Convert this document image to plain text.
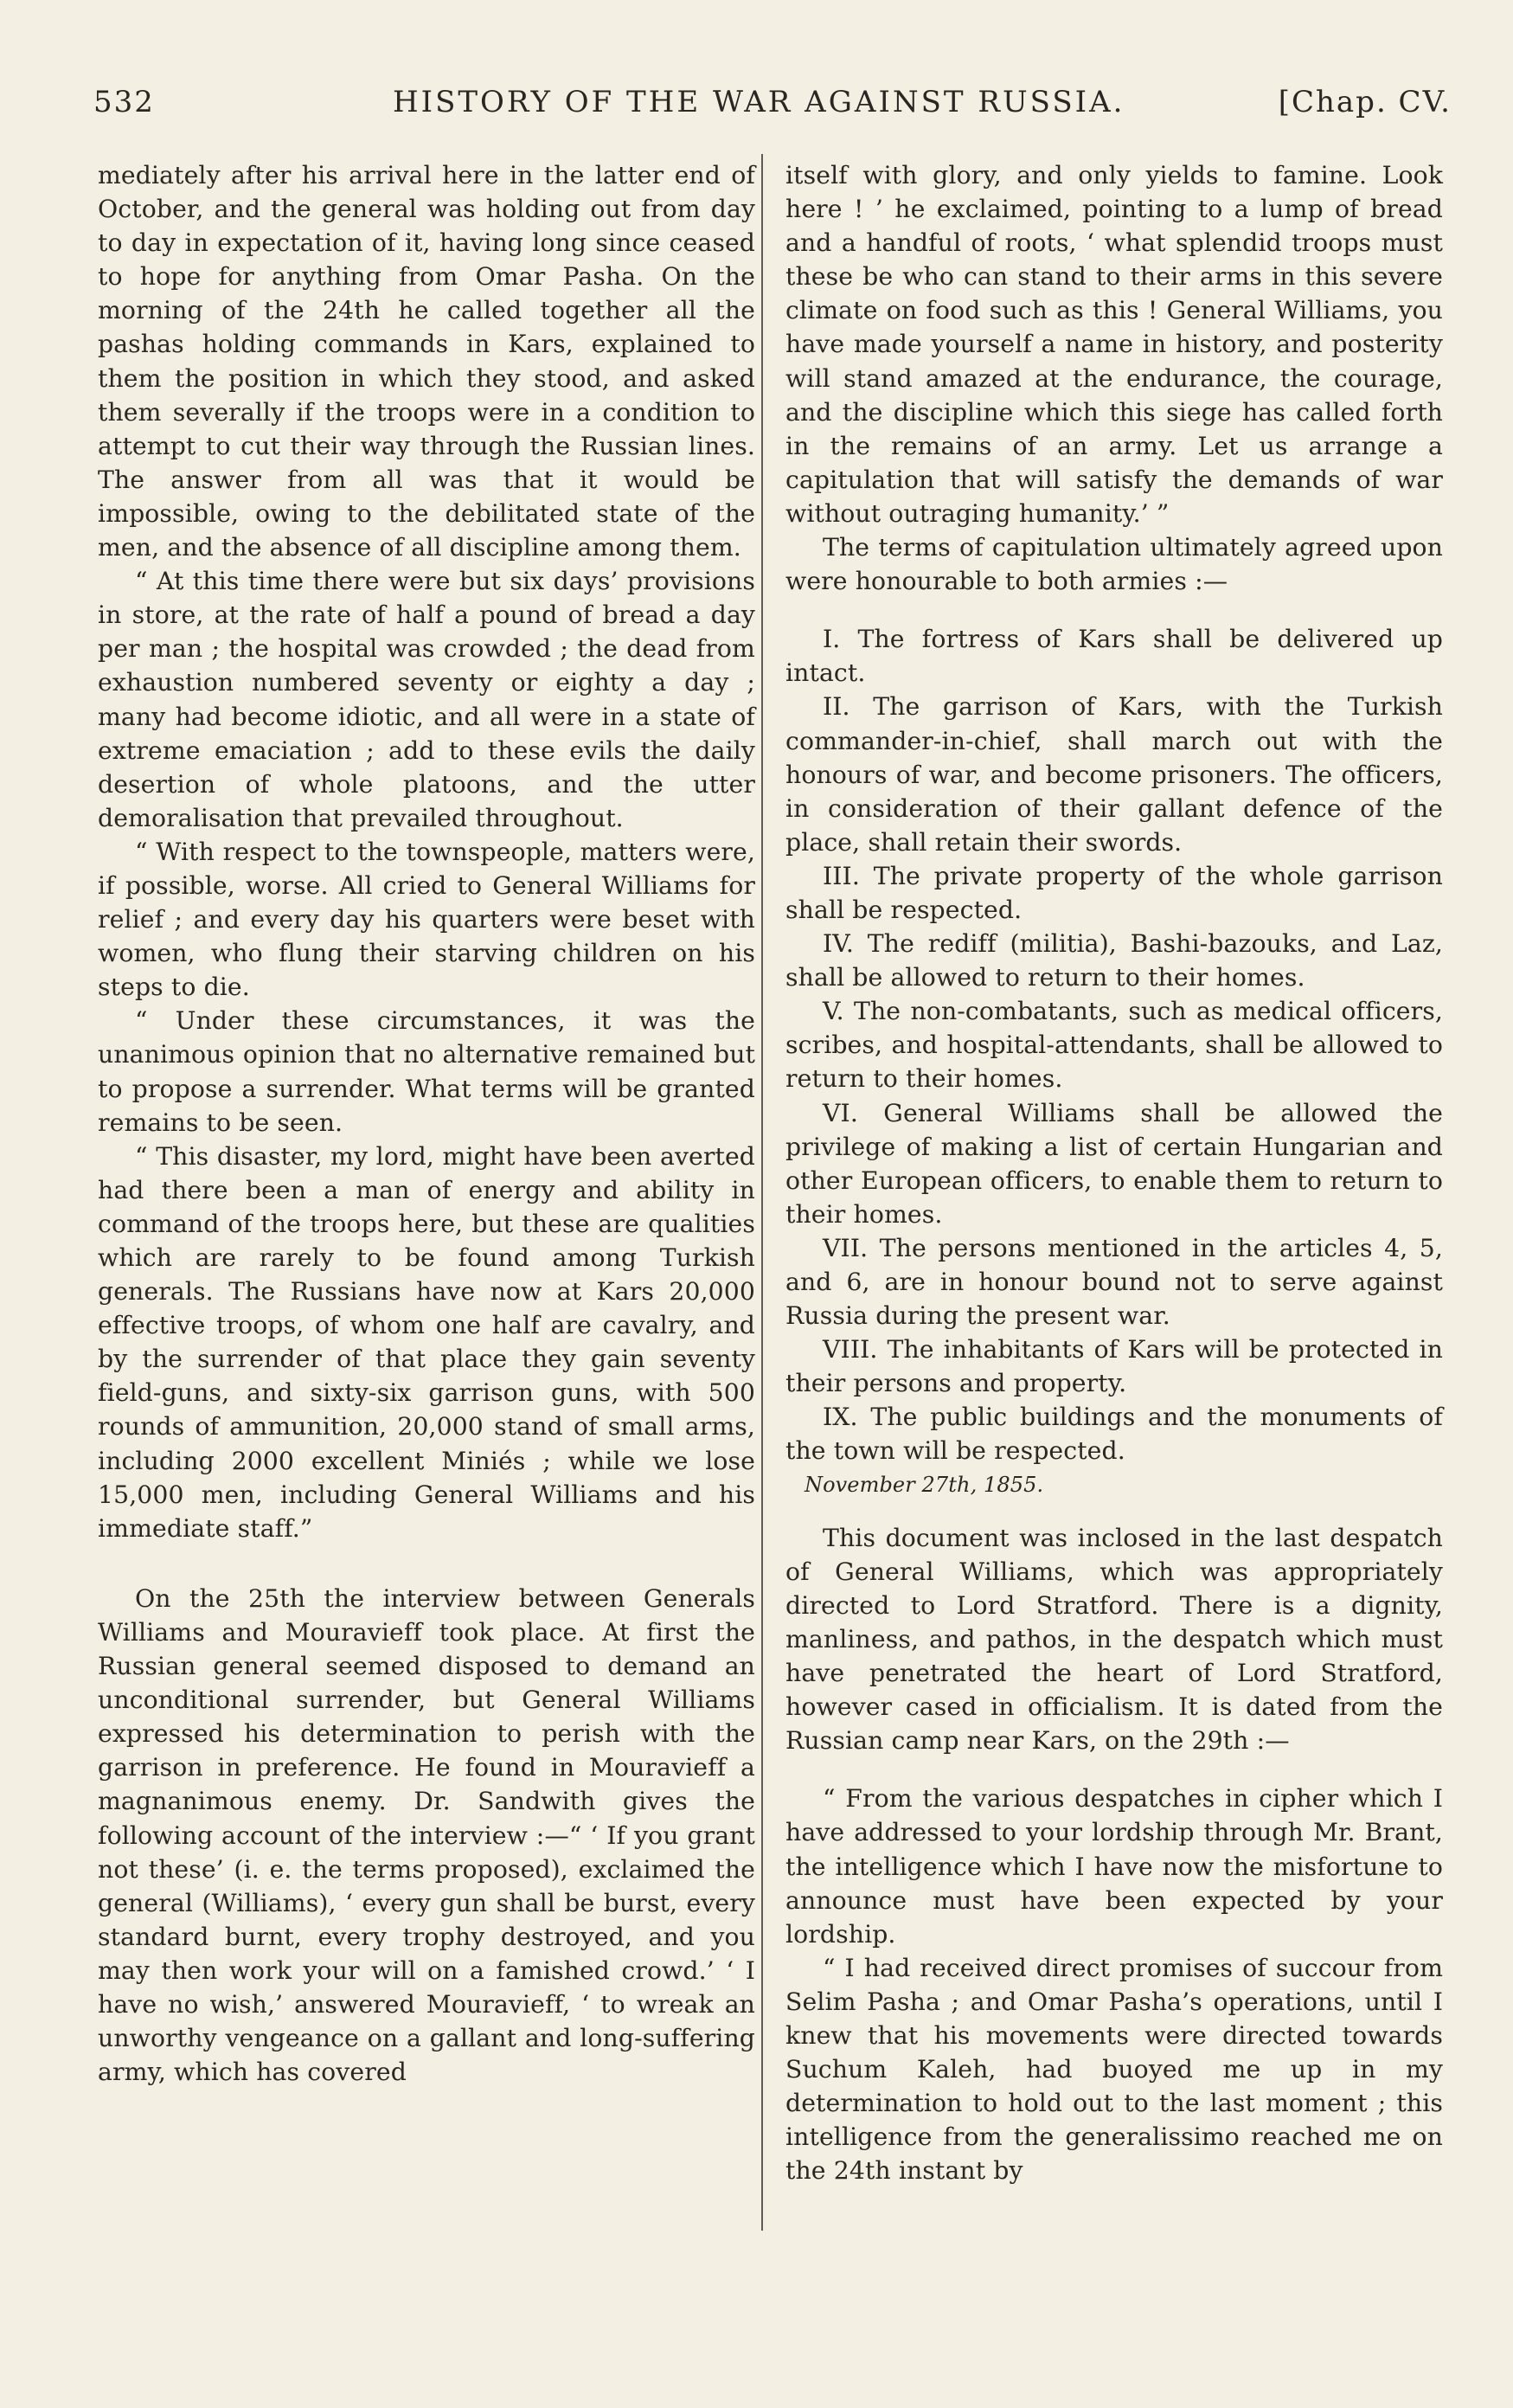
532	HISTORY OF THE WAR AGAINST RUSSIA.	[Chap. CV.

mediately after his arrival here in the latter end of October, and the general was holding out from day to day in expectation of it, having long since ceased to hope for anything from Omar Pasha. On the morning of the 24th he called together all the pashas holding commands in Kars, explained to them the position in which they stood, and asked them severally if the troops were in a condition to attempt to cut their way through the Russian lines. The answer from all was that it would be impossible, owing to the debilitated state of the men, and the absence of all discipline among them.

“ At this time there were but six days’ provisions in store, at the rate of half a pound of bread a day per man ; the hospital was crowded ; the dead from exhaustion numbered seventy or eighty a day ; many had become idiotic, and all were in a state of extreme emaciation ; add to these evils the daily desertion of whole platoons, and the utter demoralisation that prevailed throughout.

“ With respect to the townspeople, matters were, if possible, worse. All cried to General Williams for relief ; and every day his quarters were beset with women, who flung their starving children on his steps to die.

“ Under these circumstances, it was the unanimous opinion that no alternative remained but to propose a surrender. What terms will be granted remains to be seen.

“ This disaster, my lord, might have been averted had there been a man of energy and ability in command of the troops here, but these are qualities which are rarely to be found among Turkish generals. The Russians have now at Kars 20,000 effective troops, of whom one half are cavalry, and by the surrender of that place they gain seventy field-guns, and sixty-six garrison guns, with 500 rounds of ammunition, 20,000 stand of small arms, including 2000 excellent Miniés ; while we lose 15,000 men, including General Williams and his immediate staff.”

On the 25th the interview between Generals Williams and Mouravieff took place. At first the Russian general seemed disposed to demand an unconditional surrender, but General Williams expressed his determination to perish with the garrison in preference. He found in Mouravieff a magnanimous enemy. Dr. Sandwith gives the following account of the interview :—“ ‘ If you grant not these’ (i. e. the terms proposed), exclaimed the general (Williams), ‘ every gun shall be burst, every standard burnt, every trophy destroyed, and you may then work your will on a famished crowd.’ ‘ I have no wish,’ answered Mouravieff, ‘ to wreak an unworthy vengeance on a gallant and long-suffering army, which has covered

itself with glory, and only yields to famine. Look here ! ’ he exclaimed, pointing to a lump of bread and a handful of roots, ‘ what splendid troops must these be who can stand to their arms in this severe climate on food such as this ! General Williams, you have made yourself a name in history, and posterity will stand amazed at the endurance, the courage, and the discipline which this siege has called forth in the remains of an army. Let us arrange a capitulation that will satisfy the demands of war without outraging humanity.’ ”

The terms of capitulation ultimately agreed upon were honourable to both armies :—

I. The fortress of Kars shall be delivered up intact.

II. The garrison of Kars, with the Turkish commander-in-chief, shall march out with the honours of war, and become prisoners. The officers, in consideration of their gallant defence of the place, shall retain their swords.

III. The private property of the whole garrison shall be respected.

IV. The rediff (militia), Bashi-bazouks, and Laz, shall be allowed to return to their homes.

V. The non-combatants, such as medical officers, scribes, and hospital-attendants, shall be allowed to return to their homes.

VI. General Williams shall be allowed the privilege of making a list of certain Hungarian and other European officers, to enable them to return to their homes.

VII. The persons mentioned in the articles 4, 5, and 6, are in honour bound not to serve against Russia during the present war.

VIII. The inhabitants of Kars will be protected in their persons and property.

IX. The public buildings and the monuments of the town will be respected.

November 27th, 1855.

This document was inclosed in the last despatch of General Williams, which was appropriately directed to Lord Stratford. There is a dignity, manliness, and pathos, in the despatch which must have penetrated the heart of Lord Stratford, however cased in officialism. It is dated from the Russian camp near Kars, on the 29th :—

“ From the various despatches in cipher which I have addressed to your lordship through Mr. Brant, the intelligence which I have now the misfortune to announce must have been expected by your lordship.

“ I had received direct promises of succour from Selim Pasha ; and Omar Pasha’s operations, until I knew that his movements were directed towards Suchum Kaleh, had buoyed me up in my determination to hold out to the last moment ; this intelligence from the generalissimo reached me on the 24th instant by
